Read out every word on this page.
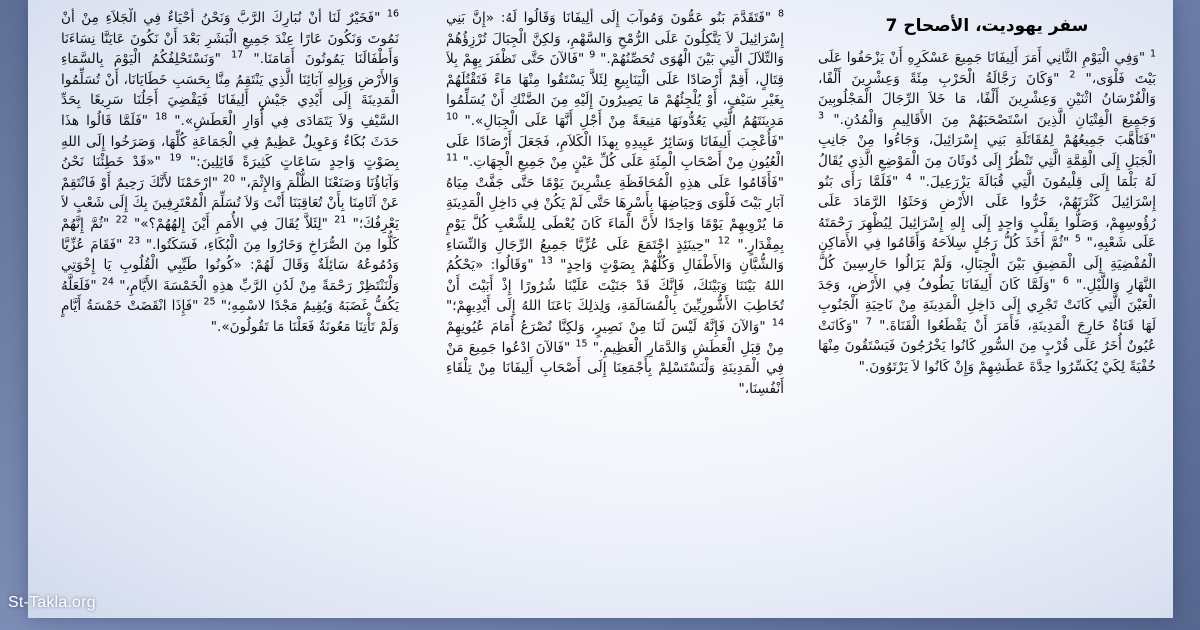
سفر يهوديت، الأصحاح 7
$^1$ "وَفِي الْيَوْمِ الثَّانِي أَمَرَ أَلِيفَانَا جَمِيعَ عَسْكَرِهِ أَنْ يَزْحَفُوا عَلَى بَيْتَ فَلْوَى،" $^2$ "وَكَانَ رَجَّالَةُ الْحَرْبِ مِئَةً وَعِشْرِينَ أَلْفًا، وَالْفُرْسَانُ اثْنَيْنِ وَعِشْرِينَ أَلْفًا، مَا خَلاَ الرِّجَالَ الْمَجْلُوبِينَ وَجَمِيعَ الْفِتْيَانِ الَّذِينَ اسْتَصْحَبَهُمْ مِنَ الأَقَالِيمِ وَالْمُدُنِ." $^3$ "فَتَأَهَّبَ جَمِيعُهُمْ لِمُقَاتَلَةِ بَنِي إِسْرَائِيلَ، وَجَاءُوا مِنْ جَانِبِ الْجَبَلِ إِلَى الْقِمَّةِ الَّتِي تَنْظُرُ إِلَى دُوثَانَ مِنَ الْمَوْضِعِ الَّذِي يُقَالُ لَهُ بَلْمَا إِلَى قِلْيمُونَ الَّتِي قُبَالَةَ يَزْرَعِيلَ." $^4$ "فَلَمَّا رَأَى بَنُو إِسْرَائِيلَ كَثْرَتَهُمْ، خَرُّوا عَلَى الأَرْضِ وَحَثَوُا الرَّمَادَ عَلَى رُؤُوسِهِمْ، وَصَلُّوا بِقَلْبٍ وَاحِدٍ إِلَى إِلهِ إِسْرَائِيلَ لِيُظْهِرَ رَحْمَتَهُ عَلَى شَعْبِهِ،" $^5$ "ثُمَّ أَخَذَ كُلُّ رَجُلٍ سِلاَحَهُ وَأَقَامُوا فِي الأَمَاكِنِ الْمُفْضِيَةِ إِلَى الْمَضِيقِ بَيْنَ الْجِبَالِ، وَلَمْ يَزَالُوا حَارِسِينَ كُلَّ النَّهَارِ وَاللَّيْلِ." $^6$ "وَلَمَّا كَانَ أَلِيفَانَا يَطُوفُ فِي الأَرْضِ، وَجَدَ الْعَيْنَ الَّتِي كَانَتْ تَجْرِي إِلَى دَاخِلِ الْمَدِينَةِ مِنْ نَاحِيَةِ الْجَنُوبِ لَهَا قَنَاةٌ خَارِجَ الْمَدِينَةِ، فَأَمَرَ أَنْ يَقْطَعُوا الْقَنَاةَ." $^7$ "وَكَانَتْ عُيُونٌ أُخَرُ عَلَى قُرْبٍ مِنَ السُّورِ كَانُوا يَخْرُجُونَ فَيَسْتَقُونَ مِنْهَا خُفْيَةً لِكَيْ يُكَسِّرُوا حِدَّةَ عَطَشِهِمْ وَإِنْ كَانُوا لاَ يَرْتَوُونَ."
$^8$ "فَتَقَدَّمَ بَنُو عَمُّونَ وَمُوآبَ إِلَى أَلِيفَانَا وَقَالُوا لَهُ: «إِنَّ بَنِي إِسْرَائِيلَ لاَ يَتَّكِلُونَ عَلَى الرُّمْحِ وَالسَّهْمِ، وَلكِنَّ الْجِبَالَ تُرْزِؤُهُمْ وَالتِّلاَلَ الَّتِي بَيْنَ الْهُوَى تُحَصِّنُهُمْ." $^9$ "فَالآنَ حَتَّى تَظْفَرَ بِهِمْ بِلاَ قِتَالٍ، أَقِمْ أَرْصَادًا عَلَى الْيَنَابِيعِ لِئَلاَّ يَسْتَقُوا مِنْهَا مَاءً فَتَقْتُلَهُمْ بِغَيْرِ سَيْفٍ، أَوْ يُلْجِئُهُمْ مَا يَصِيرُونَ إِلَيْهِ مِنَ الضَّنْكِ أَنْ يُسَلِّمُوا مَدِينَتَهُمُ الَّتِي يَعُدُّونَهَا مَنِيعَةً مِنْ أَجْلِ أَنَّهَا عَلَى الْجِبَالِ»." $^{10}$ "فَأُعْجِبَ أَلِيفَانَا وَسَائِرُ عَبِيدِهِ بِهذَا الْكَلاَمِ، فَجَعَلَ أَرْصَادًا عَلَى الْعُيُونِ مِنْ أَصْحَابِ الْمِئَةِ عَلَى كُلِّ عَيْنٍ مِنْ جَمِيعِ الْجِهَاتِ." $^{11}$ "فَأَقَامُوا عَلَى هذِهِ الْمُحَافَظَةِ عِشْرِينَ يَوْمًا حَتَّى جَفَّتْ مِيَاهُ آبَارِ بَيْتَ فَلْوَى وَحِيَاضِهَا بِأَسْرِهَا حَتَّى لَمْ يَكُنْ فِي دَاخِلِ الْمَدِينَةِ مَا يُرْوِيهِمْ يَوْمًا وَاحِدًا لأَنَّ الْمَاءَ كَانَ يُعْطَى لِلشَّعْبِ كُلَّ يَوْمٍ بِمِقْدَارٍ." $^{12}$ "حِينَئِذٍ اجْتَمَعَ عَلَى عُزِّيَّا جَمِيعُ الرِّجَالِ وَالنِّسَاءِ وَالشُّبَّانِ وَالأَطْفَالِ وَكُلُّهُمْ بِصَوْتٍ وَاحِدٍ" $^{13}$ "وَقَالُوا: «يَحْكُمُ اللهُ بَيْنَنَا وَبَيْنَكَ، فَإِنَّكَ قَدْ جَنَيْتَ عَلَيْنَا شُرُورًا إِذْ أَبَيْتَ أَنْ تُخَاطِبَ الأَشُّورِيِّينَ بِالْمُسَالَمَةِ، وَلِذلِكَ بَاعَنَا اللهُ إِلَى أَيْدِيهِمْ؛" $^{14}$ "وَالآنَ فَإِنَّهُ لَيْسَ لَنَا مِنْ نَصِيرٍ، وَلكِنَّا نُصْرَعُ أَمَامَ عُيُونِهِمْ مِنْ قِبَلِ الْعَطَشِ وَالدَّمَارِ الْعَظِيمِ." $^{15}$ "فَالآنَ ادْعُوا جَمِيعَ مَنْ فِي الْمَدِينَةِ وَلْنَسْتَسْلِمْ بِأَجْمَعِنَا إِلَى أَصْحَابِ أَلِيفَانَا مِنْ تِلْقَاءِ أَنْفُسِنَا،"
$^{16}$ "فَخَيْرٌ لَنَا أَنْ نُبَارِكَ الرَّبَّ وَنَحْنُ أَحْيَاءٌ فِي الْجَلاَءِ مِنْ أَنْ نَمُوتَ وَنَكُونَ عَارًا عِنْدَ جَمِيعِ الْبَشَرِ بَعْدَ أَنْ نَكُونَ عَايَنَّا نِسَاءَنَا وَأَطْفَالَنَا يَمُوتُونَ أَمَامَنَا." $^{17}$ "وَنَسْتَحْلِفُكُمُ الْيَوْمَ بِالسَّمَاءِ وَالأَرْضِ وَبِإِلهِ آبَائِنَا الَّذِي يَنْتَقِمُ مِنَّا بِحَسَبِ خَطَايَانَا، أَنْ تُسَلِّمُوا الْمَدِينَةَ إِلَى أَيْدِي جَيْشِ أَلِيفَانَا فَيَقْضِيَ أَجَلُنَا سَرِيعًا بِحَدِّ السَّيْفِ وَلاَ يَتَمَادَى فِي أُوَارِ الْعَطَشِ»." $^{18}$ "فَلَمَّا قَالُوا هذَا حَدَثَ بُكَاءٌ وَعَوِيلٌ عَظِيمٌ فِي الْجَمَاعَةِ كُلِّهَا، وَصَرَخُوا إِلَى اللهِ بِصَوْتٍ وَاحِدٍ سَاعَاتٍ كَثِيرَةً قَائِلِينَ:" $^{19}$ "«قَدْ خَطِئْنَا نَحْنُ وَآبَاؤُنَا وَصَنَعْنَا الظُّلْمَ وَالإِثْمَ،" $^{20}$ "ارْحَمْنَا لأَنَّكَ رَحِيمٌ أَوْ فَانْتَقِمْ عَنْ آثَامِنَا بِأَنْ تُعَاقِبَنَا أَنْتَ وَلاَ تُسَلِّمَ الْمُعْتَرِفِينَ بِكَ إِلَى شَعْبٍ لاَ يَعْرِفُكَ؛" $^{21}$ "لِئَلاَّ يُقَالَ فِي الأُمَمِ أَيْنَ إِلهُهُمْ؟»" $^{22}$ "ثُمَّ إِنَّهُمْ كَلُّوا مِنَ الصُّرَاخِ وَخَارُوا مِنَ الْبُكَاءِ، فَسَكَتُوا." $^{23}$ "فَقَامَ عُزِّيَّا وَدُمُوعُهُ سَائِلَةٌ وَقَالَ لَهُمْ: «كُونُوا طَيِّبِي الْقُلُوبِ يَا إِخْوَتِي وَلْنَنْتَظِرْ رَحْمَةً مِنْ لَدُنِ الرَّبِّ هذِهِ الْخَمْسَةَ الأَيَّامِ،" $^{24}$ "فَلَعَلَّهُ يَكُفُّ غَضَبَهُ وَيُقِيمُ مَجْدًا لاسْمِهِ؛" $^{25}$ "فَإِذَا انْقَضَتْ خَمْسَةُ أَيَّامٍ وَلَمْ تَأْتِنَا مَعُونَةٌ فَعَلْنَا مَا تَقُولُونَ»."
St-Takla.org
